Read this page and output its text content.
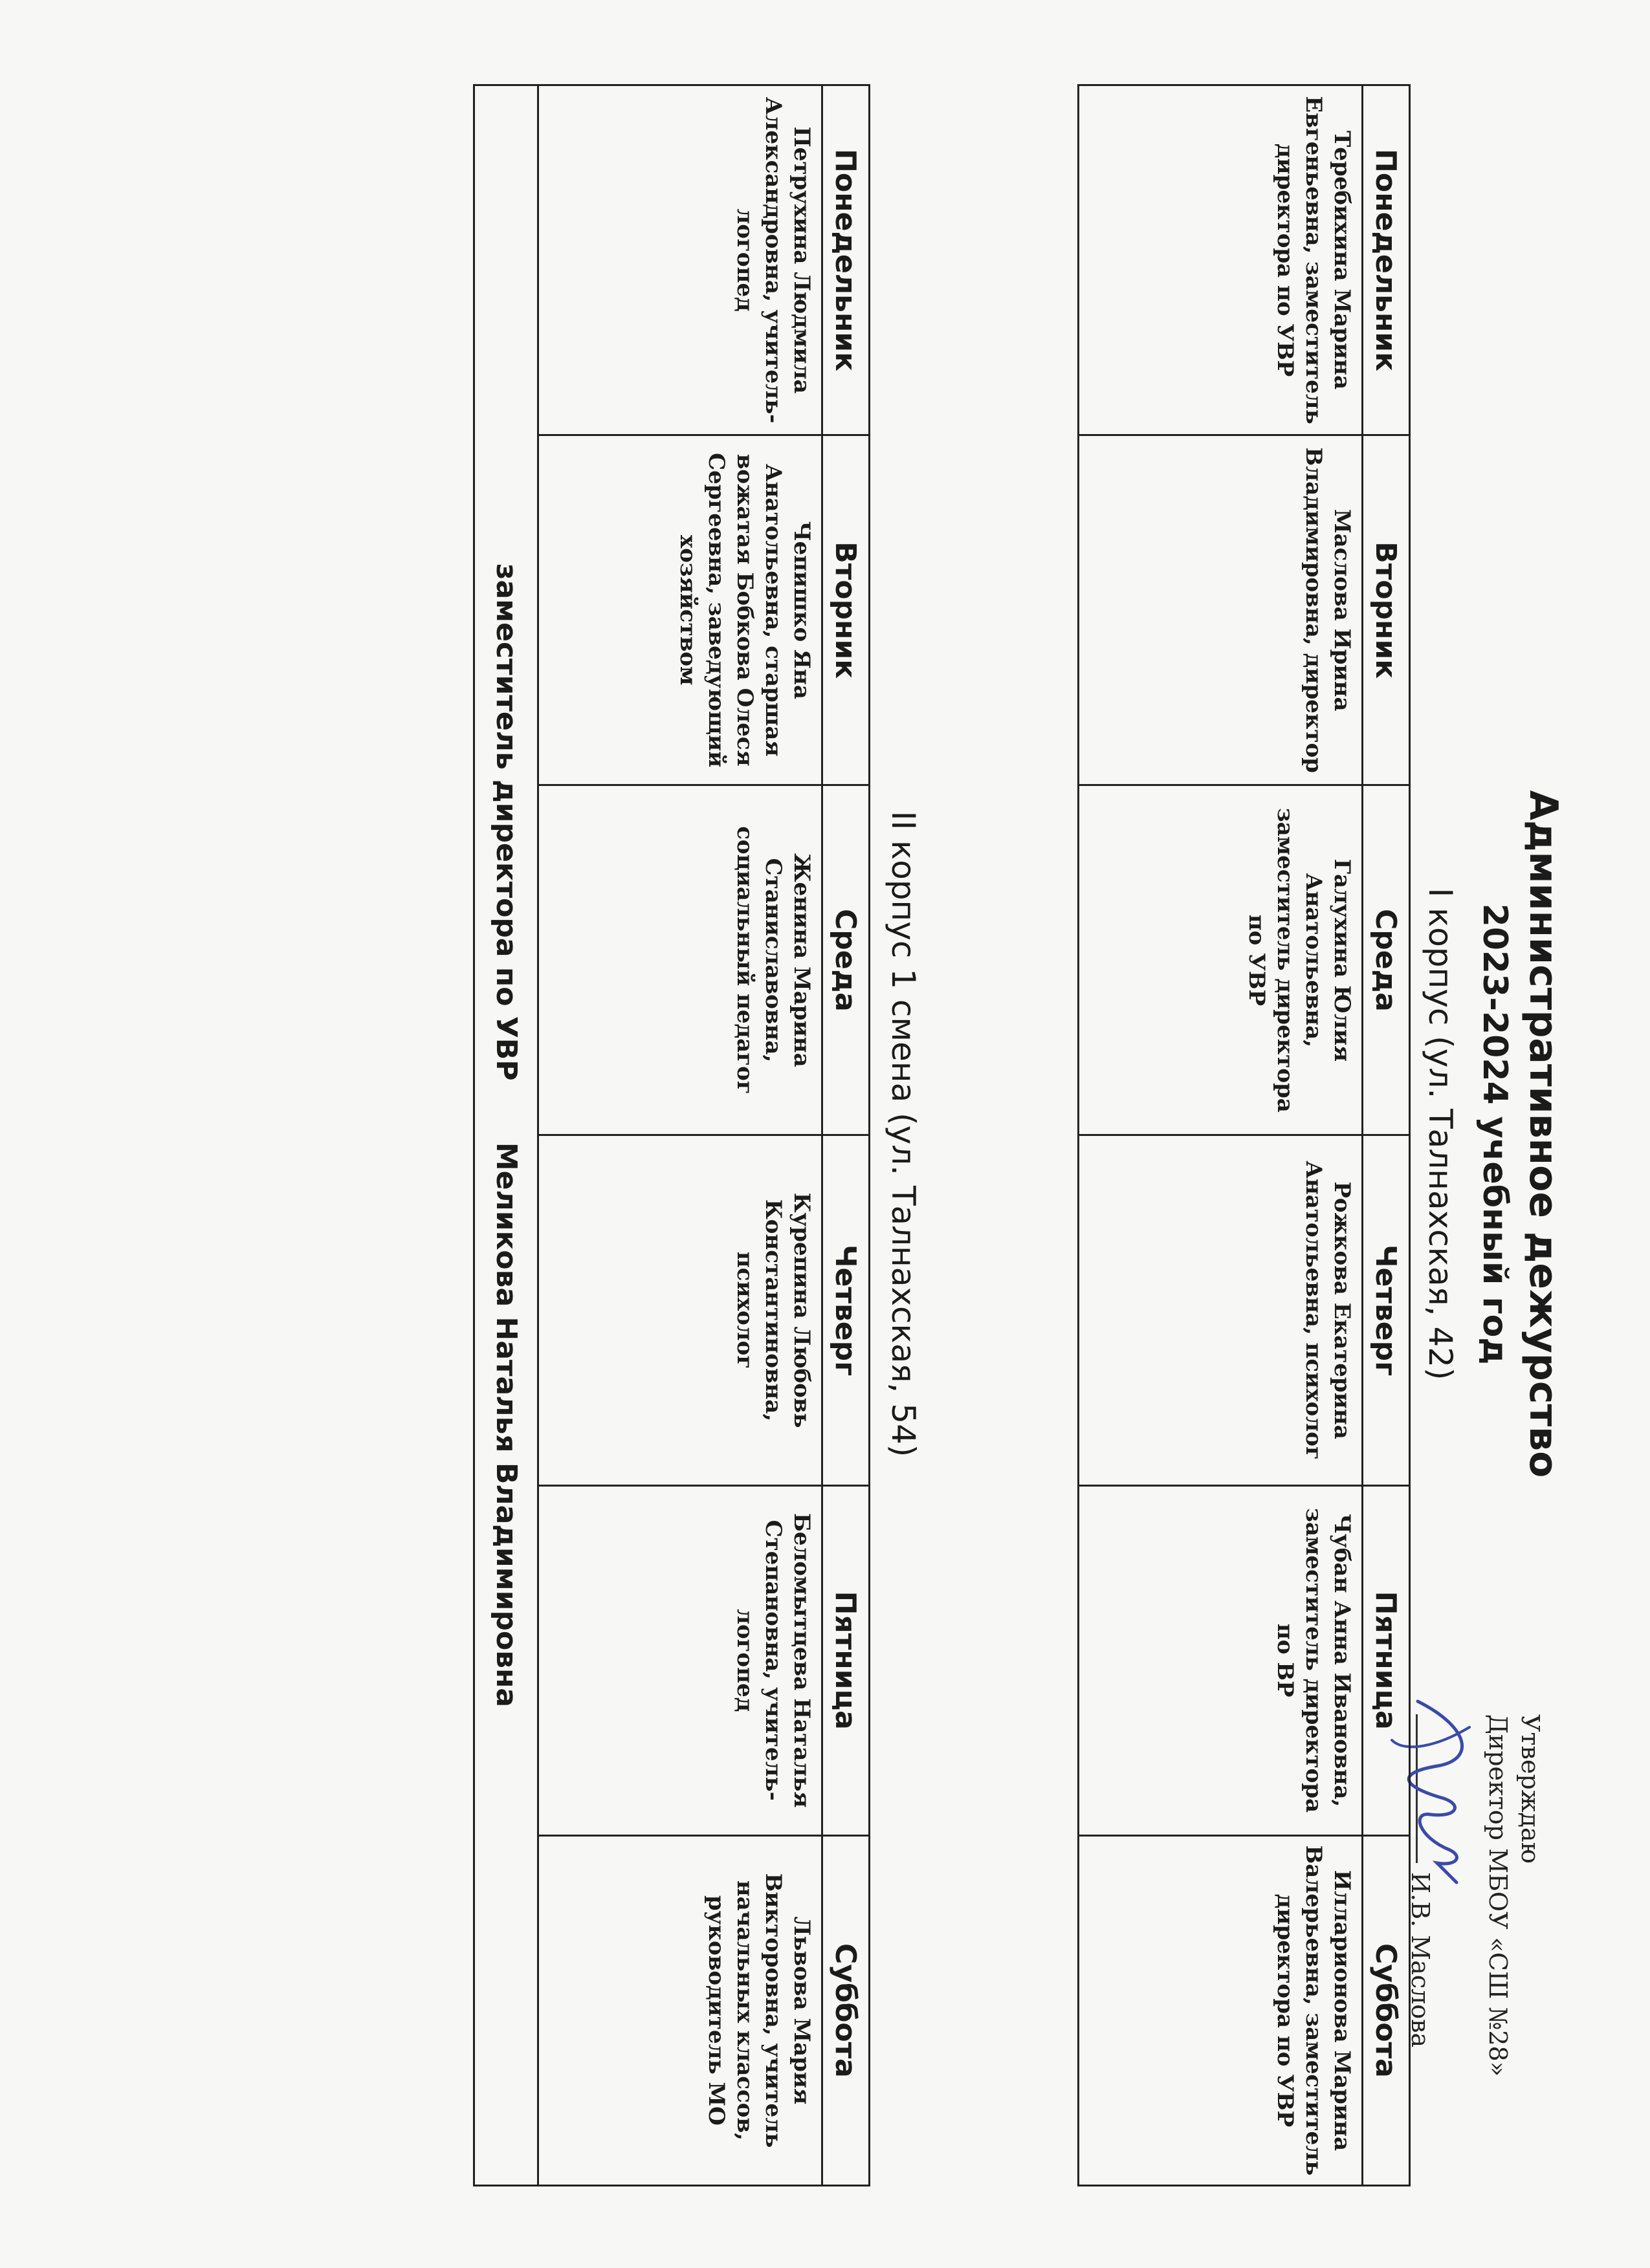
Утверждаю
Директор МБОУ «СШ №28»
И.В. Маслова
Административное дежурство
2023-2024 учебный год
I корпус (ул. Талнахская, 42)
Понедельник	Вторник	Среда	Четверг	Пятница	Суббота
Теребихина Марина Евгеньевна, заместитель директора по УВР	Маслова Ирина Владимировна, директор	Галухина Юлия Анатольевна, заместитель директора по УВР	Рожкова Екатерина Анатольевна, психолог	Чубан Анна Ивановна, заместитель директора по ВР	Илларионова Марина Валерьевна, заместитель директора по УВР
II корпус 1 смена (ул. Талнахская, 54)
Понедельник	Вторник	Среда	Четверг	Пятница	Суббота
Петрухина Людмила Александровна, учитель-логопед	Чепишко Яна Анатольевна, старшая вожатая Бобкова Олеся Сергеевна, заведующий хозяйством	Женина Марина Станиславовна, социальный педагог	Курепина Любовь Константиновна, психолог	Беломытцева Наталья Степановна, учитель-логопед	Львова Мария Викторовна, учитель начальных классов, руководитель МО
заместитель директора по УВР Меликова Наталья Владимировна					
